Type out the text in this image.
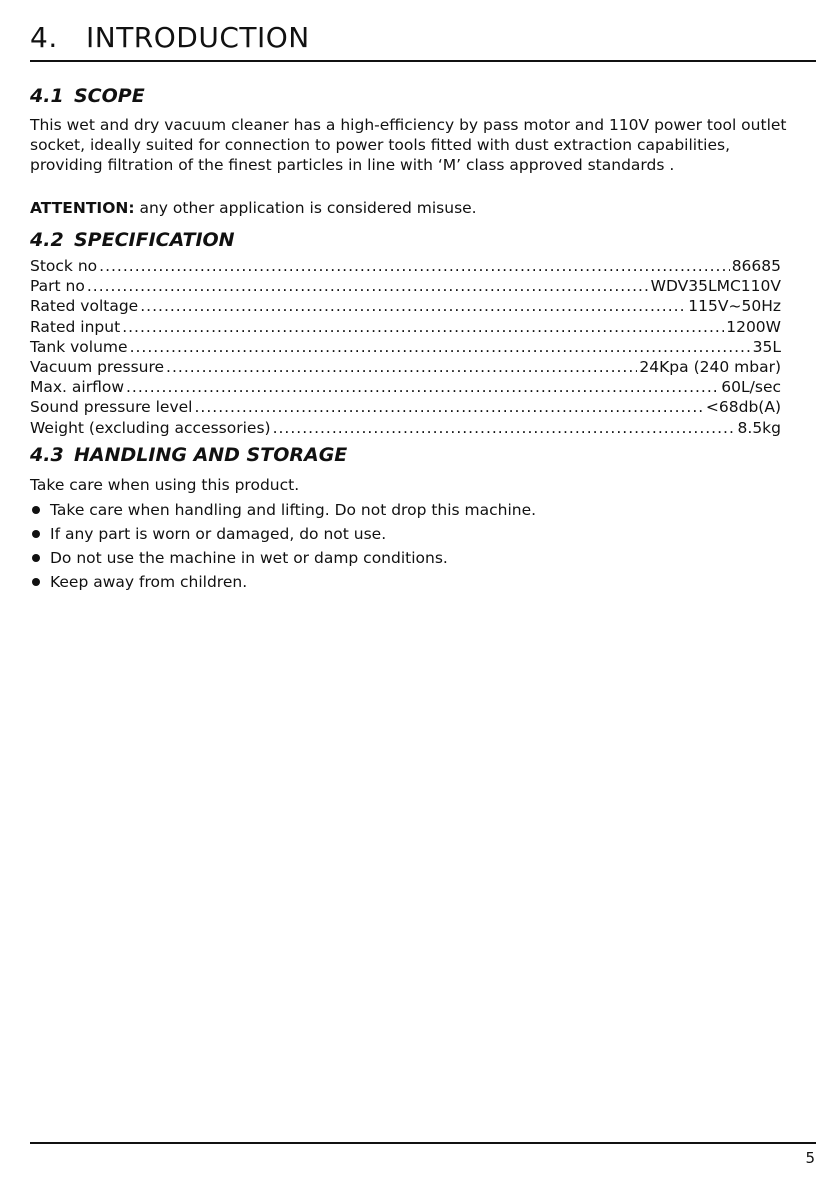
4. INTRODUCTION
4.1 SCOPE

This wet and dry vacuum cleaner has a high-efficiency by pass motor and 110V power tool outlet socket, ideally suited for connection to power tools fitted with dust extraction capabilities, providing filtration of the finest particles in line with ‘M’ class approved standards .

ATTENTION: any other application is considered misuse.

4.2 SPECIFICATION
Stock no .....	86685
Part no .....	WDV35LMC110V
Rated voltage .....	115V~50Hz
Rated input .....	1200W
Tank volume .....	35L
Vacuum pressure .....	24Kpa (240 mbar)
Max. airflow .....	60L/sec
Sound pressure level .....	<68db(A)
Weight (excluding accessories) .....	8.5kg
4.3 HANDLING AND STORAGE

Take care when using this product.

Take care when handling and lifting. Do not drop this machine.
If any part is worn or damaged, do not use.
Do not use the machine in wet or damp conditions.
Keep away from children.
5
